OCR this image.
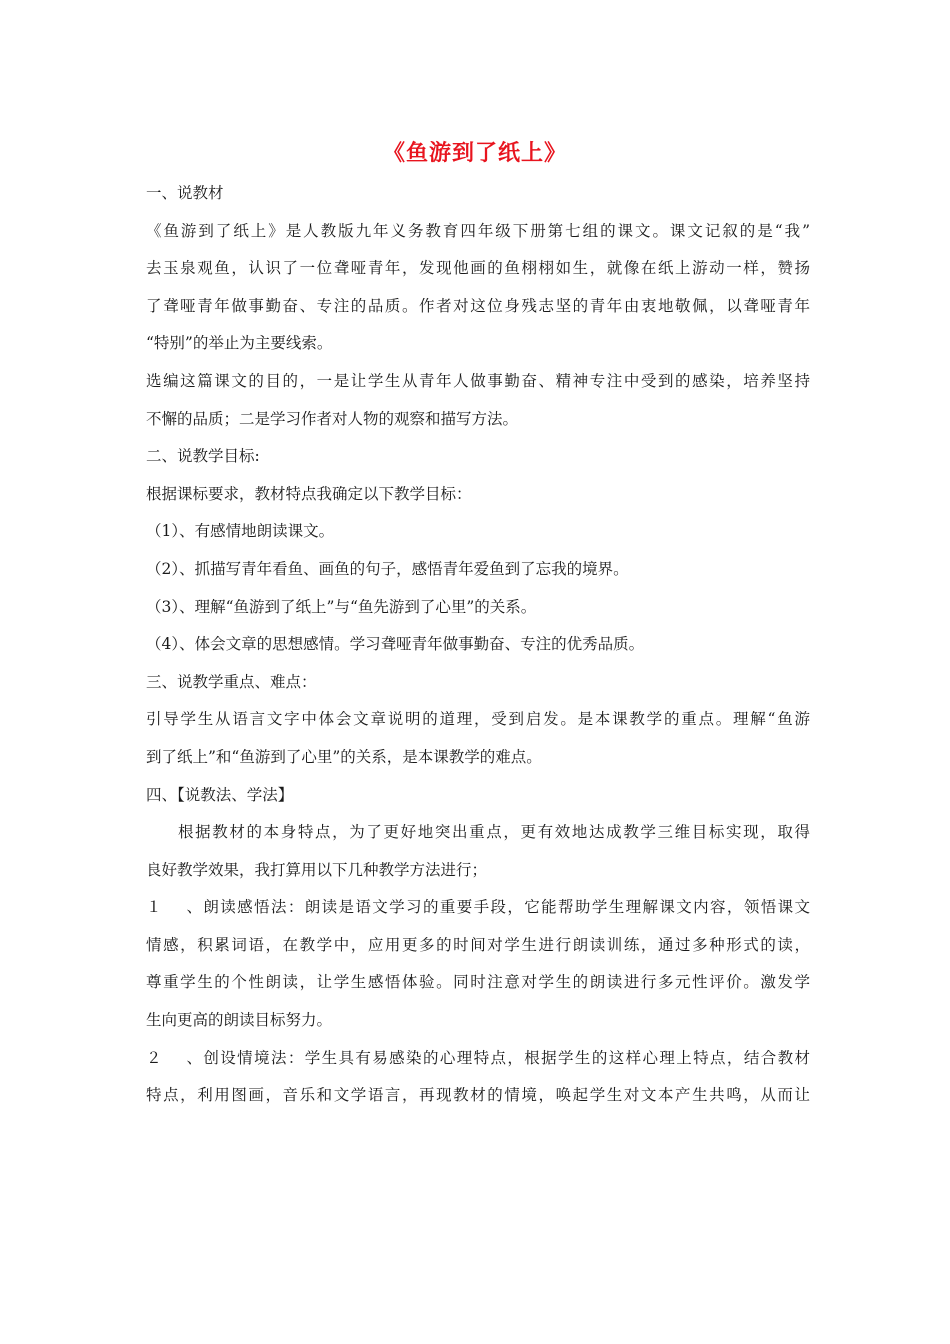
《鱼游到了纸上》
一、说教材
《鱼游到了纸上》是人教版九年义务教育四年级下册第七组的课文。课文记叙的是“我”
去玉泉观鱼，认识了一位聋哑青年，发现他画的鱼栩栩如生，就像在纸上游动一样，赞扬
了聋哑青年做事勤奋、专注的品质。作者对这位身残志坚的青年由衷地敬佩，以聋哑青年
“特别”的举止为主要线索。
选编这篇课文的目的，一是让学生从青年人做事勤奋、精神专注中受到的感染，培养坚持
不懈的品质；二是学习作者对人物的观察和描写方法。
二、说教学目标:
根据课标要求，教材特点我确定以下教学目标：
（1）、有感情地朗读课文。
（2）、抓描写青年看鱼、画鱼的句子，感悟青年爱鱼到了忘我的境界。
（3）、理解“鱼游到了纸上”与“鱼先游到了心里”的关系。
（4）、体会文章的思想感情。学习聋哑青年做事勤奋、专注的优秀品质。
三、说教学重点、难点：
引导学生从语言文字中体会文章说明的道理，受到启发。是本课教学的重点。理解“鱼游
到了纸上”和“鱼游到了心里”的关系，是本课教学的难点。
四、【说教法、学法】
根据教材的本身特点，为了更好地突出重点，更有效地达成教学三维目标实现，取得
良好教学效果，我打算用以下几种教学方法进行；
１、朗读感悟法：朗读是语文学习的重要手段，它能帮助学生理解课文内容，领悟课文
情感，积累词语，在教学中，应用更多的时间对学生进行朗读训练，通过多种形式的读，
尊重学生的个性朗读，让学生感悟体验。同时注意对学生的朗读进行多元性评价。激发学
生向更高的朗读目标努力。
２、创设情境法：学生具有易感染的心理特点，根据学生的这样心理上特点，结合教材
特点，利用图画，音乐和文学语言，再现教材的情境，唤起学生对文本产生共鸣，从而让
